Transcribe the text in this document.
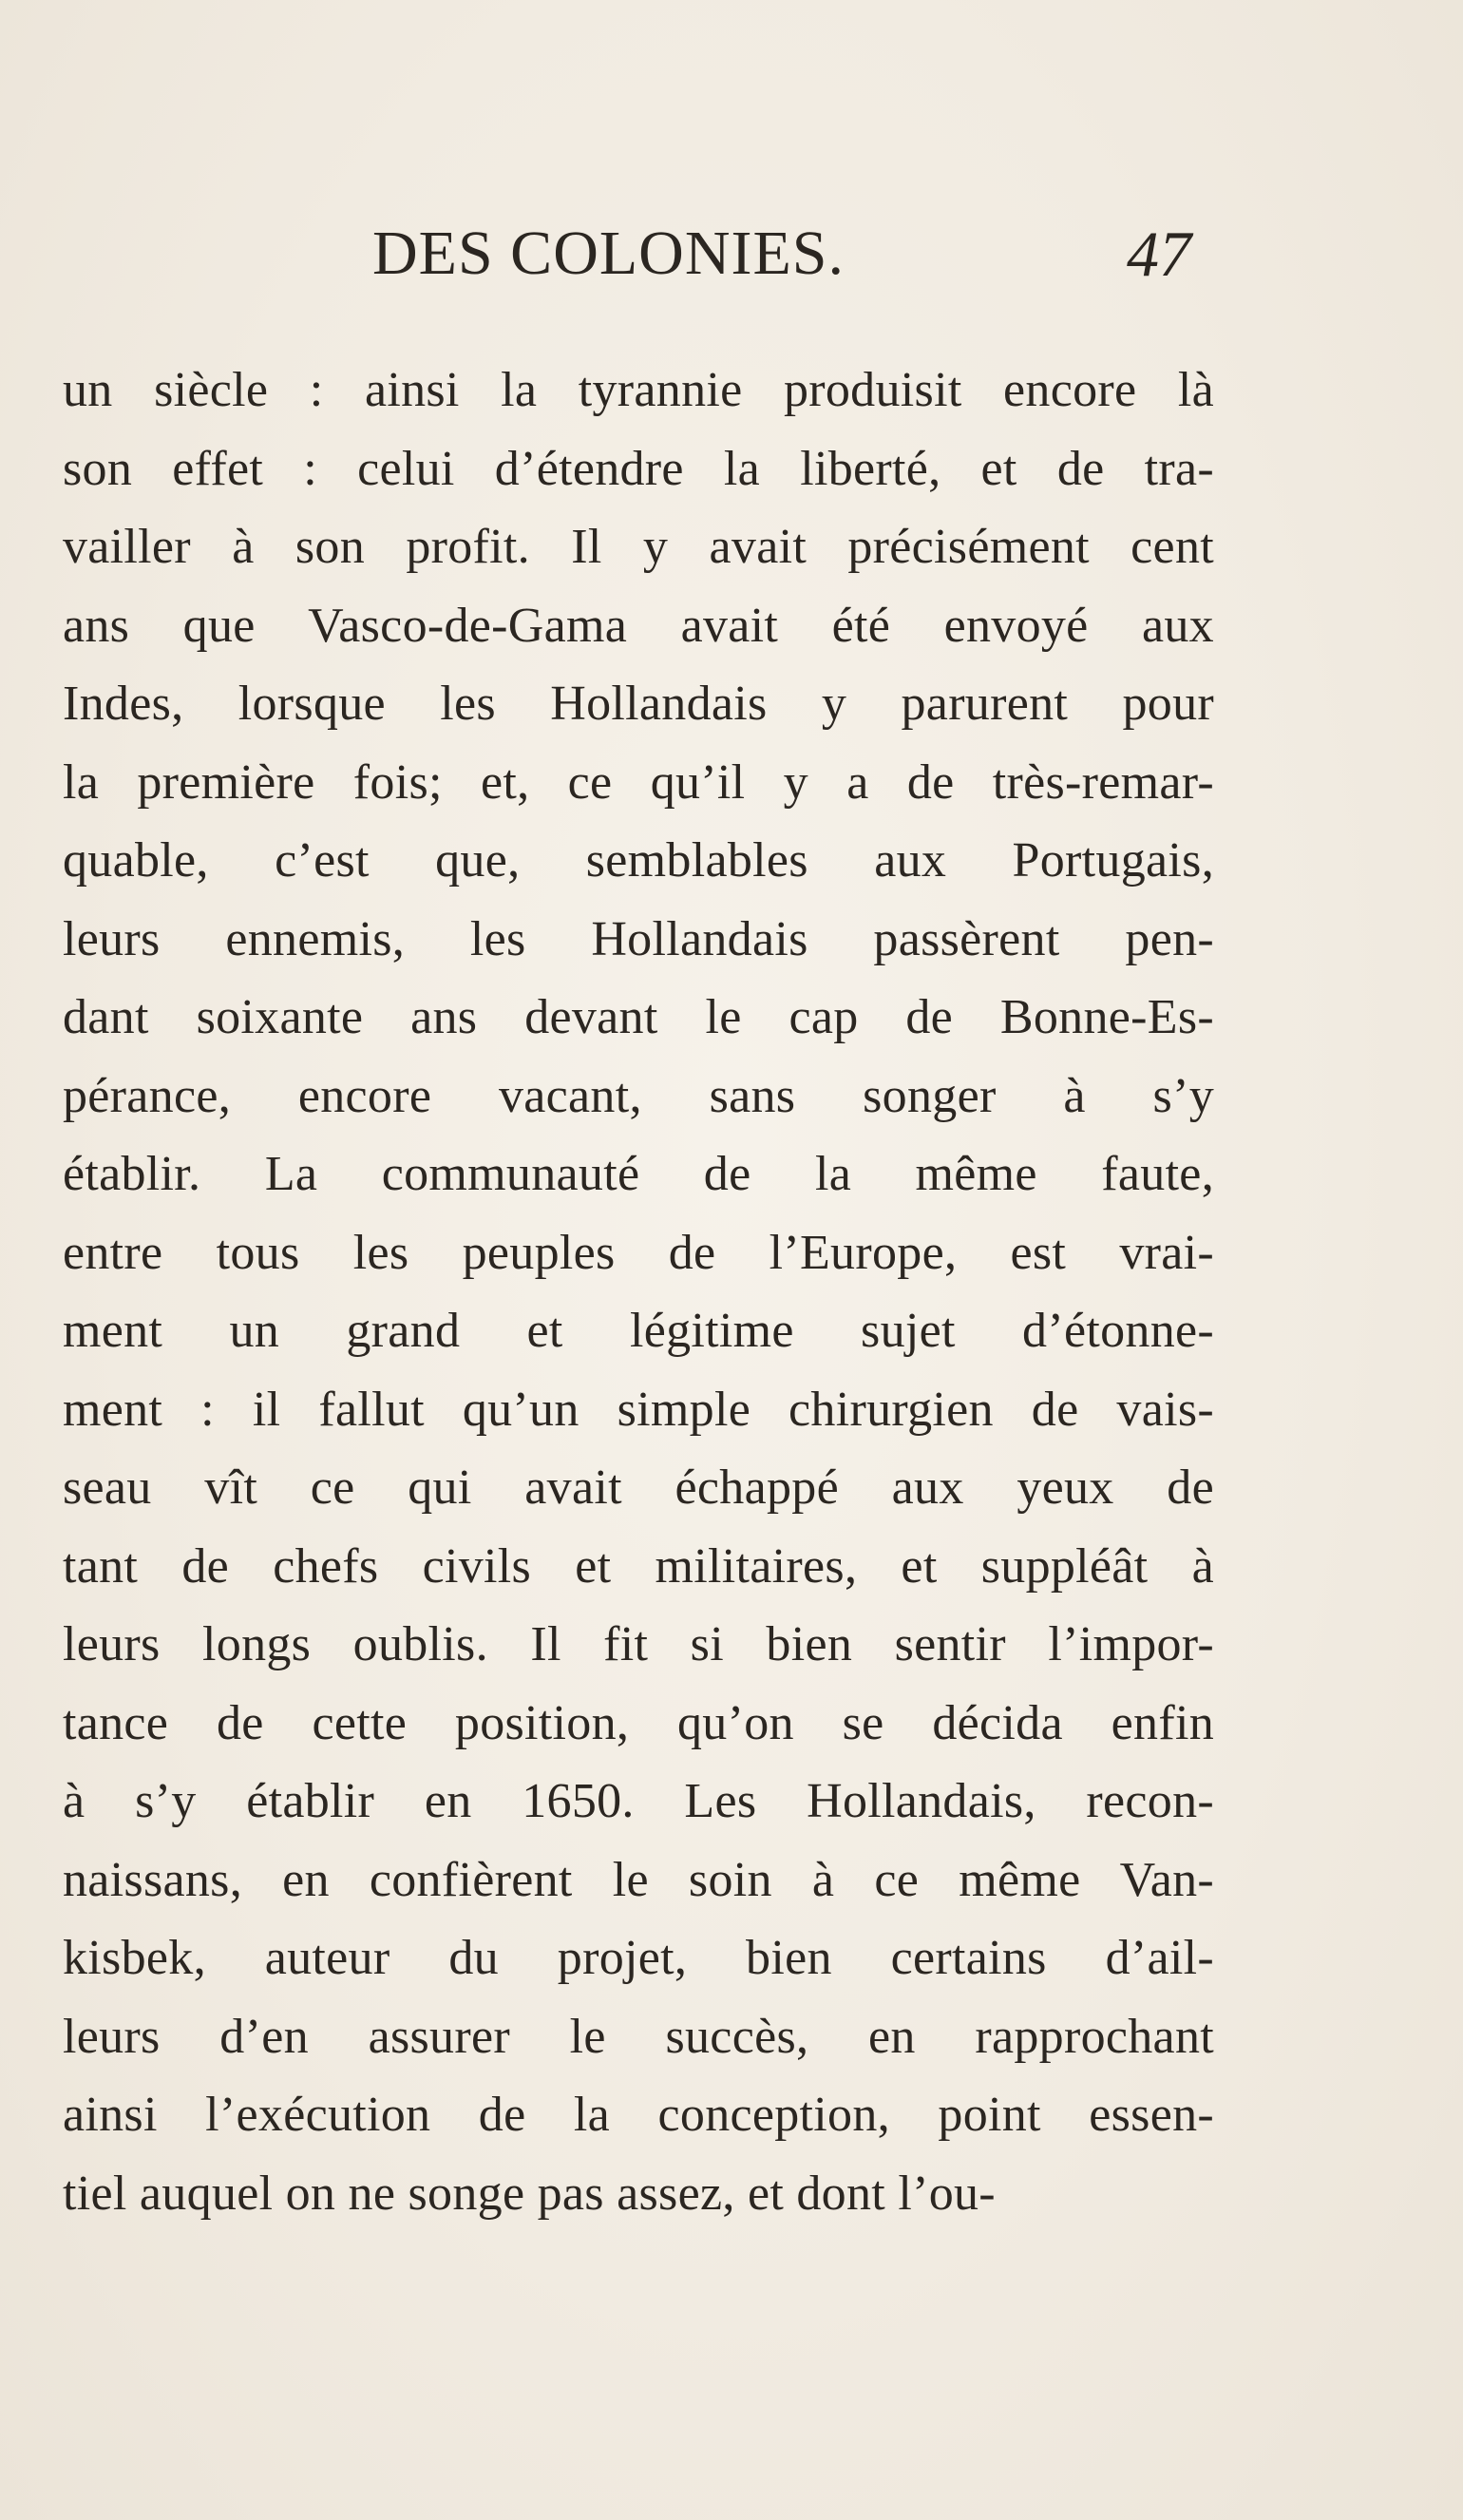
DES COLONIES.	47
un siècle : ainsi la tyrannie produisit encore là
son effet : celui d’étendre la liberté, et de tra-
vailler à son profit. Il y avait précisément cent
ans que Vasco-de-Gama avait été envoyé aux
Indes, lorsque les Hollandais y parurent pour
la première fois; et, ce qu’il y a de très-remar-
quable, c’est que, semblables aux Portugais,
leurs ennemis, les Hollandais passèrent pen-
dant soixante ans devant le cap de Bonne-Es-
pérance, encore vacant, sans songer à s’y
établir. La communauté de la même faute,
entre tous les peuples de l’Europe, est vrai-
ment un grand et légitime sujet d’étonne-
ment : il fallut qu’un simple chirurgien de vais-
seau vît ce qui avait échappé aux yeux de
tant de chefs civils et militaires, et suppléât à
leurs longs oublis. Il fit si bien sentir l’impor-
tance de cette position, qu’on se décida enfin
à s’y établir en 1650. Les Hollandais, recon-
naissans, en confièrent le soin à ce même Van-
kisbek, auteur du projet, bien certains d’ail-
leurs d’en assurer le succès, en rapprochant
ainsi l’exécution de la conception, point essen-
tiel auquel on ne songe pas assez, et dont l’ou-
